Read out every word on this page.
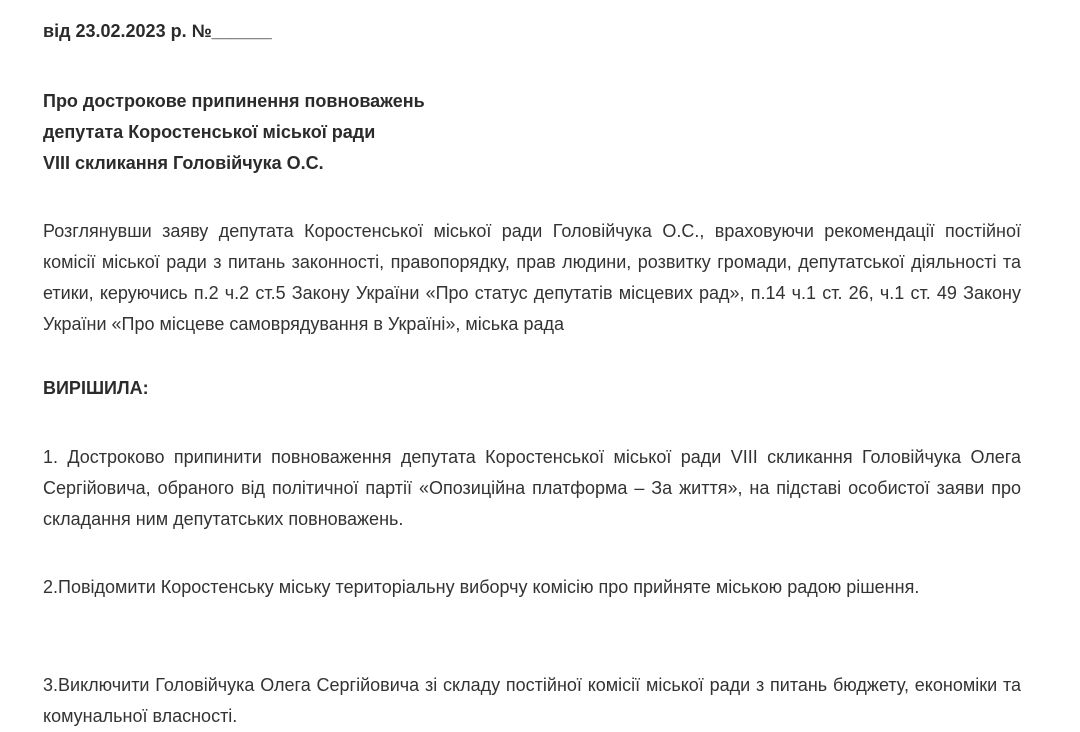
від 23.02.2023 р. №______
Про дострокове припинення повноважень
депутата Коростенської міської ради
VIII скликання Головійчука О.С.
Розглянувши заяву депутата Коростенської міської ради Головійчука О.С., враховуючи рекомендації постійної комісії міської ради з питань законності, правопорядку, прав людини, розвитку громади, депутатської діяльності та етики, керуючись п.2 ч.2 ст.5 Закону України «Про статус депутатів місцевих рад», п.14 ч.1 ст. 26, ч.1 ст. 49 Закону України «Про місцеве самоврядування в Україні», міська рада
ВИРІШИЛА:
1. Достроково припинити повноваження депутата Коростенської міської ради VIII скликання Головійчука Олега Сергійовича, обраного від політичної партії «Опозиційна платформа – За життя», на підставі особистої заяви про складання ним депутатських повноважень.
2.Повідомити Коростенську міську територіальну виборчу комісію про прийняте міською радою рішення.
3.Виключити Головійчука Олега Сергійовича зі складу постійної комісії міської ради з питань бюджету, економіки та комунальної власності.
